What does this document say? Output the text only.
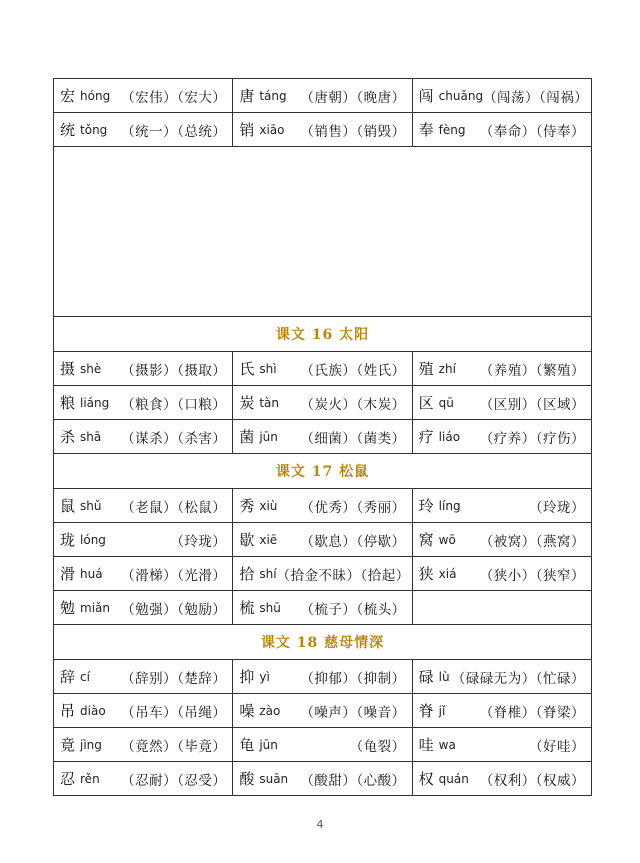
宏 hóng （宏伟）（宏大） 唐 táng （唐朝）（晚唐） 闯 chuǎng （闯荡）（闯祸）
统 tǒng （统一）（总统） 销 xiāo （销售）（销毁） 奉 fèng （奉命）（侍奉）
课文 16 太阳
摄 shè （摄影）（摄取） 氏 shì （氏族）（姓氏） 殖 zhí （养殖）（繁殖）
粮 liáng （粮食）（口粮） 炭 tàn （炭火）（木炭） 区 qū （区别）（区域）
杀 shā （谋杀）（杀害） 菌 jūn （细菌）（菌类） 疗 liáo （疗养）（疗伤）
课文 17 松鼠
鼠 shǔ （老鼠）（松鼠） 秀 xiù （优秀）（秀丽） 玲 líng	（玲珑）
珑 lóng	（玲珑） 歇 xiē （歇息）（停歇） 窝 wō （被窝）（燕窝）
滑 huá （滑梯）（光滑） 拾 shí （拾金不昧）（拾起） 狭 xiá （狭小）（狭窄）
勉 miǎn （勉强）（勉励） 梳 shū （梳子）（梳头）
课文 18 慈母情深
辞 cí （辞别）（楚辞） 抑 yì （抑郁）（抑制） 碌 lù （碌碌无为）（忙碌）
吊 diào （吊车）（吊绳） 噪 zào （噪声）（噪音） 脊 jǐ	（脊椎）（脊梁）
竟 jìng （竟然）（毕竟） 龟 jūn	（龟裂） 哇 wa	（好哇）
忍 rěn （忍耐）（忍受） 酸 suān （酸甜）（心酸） 权 quán （权利）（权威）
4
